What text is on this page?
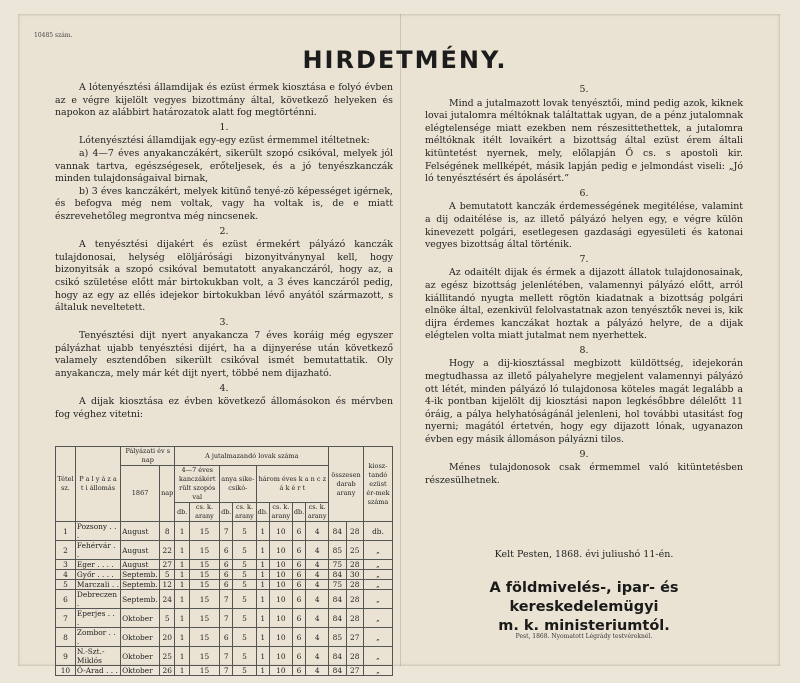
10485 szám.
HIRDETMÉNY.

A lótenyésztési államdijak és ezüst érmek kiosztása e folyó évben az e végre kijelölt vegyes bizottmány által, következő helyeken és napokon az alábbirt határozatok alatt fog megtörténni.

1.

Lótenyésztési államdijak egy-egy ezüst érmemmel itéltetnek:

a) 4—7 éves anyakanczákért, sikerült szopó csikóval, melyek jól vannak tartva, egészségesek, erőteljesek, és a jó tenyészkanczák minden tulajdonságaival birnak,

b) 3 éves kanczákért, melyek kitünő tenyé-zö képességet igérnek, és befogva még nem voltak, vagy ha voltak is, de e miatt észrevehetőleg megrontva még nincsenek.

2.

A tenyésztési dijakért és ezüst érmekért pályázó kanczák tulajdonosai, helység elöljárósági bizonyitványnyal kell, hogy bizonyitsák a szopó csikóval bemutatott anyakanczáról, hogy az, a csikó születése előtt már birtokukban volt, a 3 éves kanczáról pedig, hogy az egy az ellés idejekor birtokukban lévő anyától származott, s általuk neveltetett.

3.

Tenyésztési dijt nyert anyakancza 7 éves koráig még egyszer pályázhat ujabb tenyésztési dijért, ha a dijnyerése után következő valamely esztendőben sikerült csikóval ismét bemutattatik. Oly anyakancza, mely már két dijt nyert, többé nem dijazható.

4.

A dijak kiosztása ez évben következő állomásokon és mérvben fog véghez vitetni:

Tétel sz.	P a l y á z a t i állomás	Pályázati év s nap		A jutalmazandó lovak száma								összesen darab arany		kiosz-tandó ezüst ér-mek száma
		1867	nap	4—7 éves kanczákért rült szopós val		anya sike- csikó-		három éves k a n c z á k é r t						
				db.	cs. k. arany	db.	cs. k. arany	db.	cs. k. arany	db.	cs. k. arany			
1	Pozsony . . .	August	8	1	15	7	5	1	10	6	4	84	28	db.
2	Fehérvár . .	August	22	1	15	6	5	1	10	6	4	85	25	„
3	Eger . . . .	August	27	1	15	6	5	1	10	6	4	75	28	„
4	Győr . . . .	Septemb.	5	1	15	6	5	1	10	6	4	84	30	„
5	Marczali . .	Septemb.	12	1	15	6	5	1	10	6	4	75	28	„
6	Debreczen .	Septemb.	24	1	15	7	5	1	10	6	4	84	28	„
7	Eperjes . . .	Oktober	5	1	15	7	5	1	10	6	4	84	28	„
8	Zombor . . .	Oktober	20	1	15	6	5	1	10	6	4	85	27	„
9	N.-Szt.-Miklós	Oktober	25	1	15	7	5	1	10	6	4	84	28	„
10	Ó-Arad . . .	Oktober	26	1	15	7	5	1	10	6	4	84	27	„
5.

Mind a jutalmazott lovak tenyésztői, mind pedig azok, kiknek lovai jutalomra méltóknak találtattak ugyan, de a pénz jutalomnak elégtelensége miatt ezekben nem részesittethettek, a jutalomra méltóknak itélt lovaikért a bizottság által ezüst érem általi kitüntetést nyernek, mely, előlapján Ő cs. s apostoli kir. Felségének mellképét, másik lapján pedig e jelmondást viseli: „Jó ló tenyésztésért és ápolásért.”

6.

A bemutatott kanczák érdemességének megitélése, valamint a dij odaitélése is, az illető pályázó helyen egy, e végre külön kinevezett polgári, esetlegesen gazdasági egyesületi és katonai vegyes bizottság által történik.

7.

Az odaitélt dijak és érmek a dijazott állatok tulajdonosainak, az egész bizottság jelenlétében, valamennyi pályázó előtt, arról kiállitandó nyugta mellett rögtön kiadatnak a bizottság polgári elnöke által, ezenkivül felolvastatnak azon tenyésztők nevei is, kik dijra érdemes kanczákat hoztak a pályázó helyre, de a dijak elégtelen volta miatt jutalmat nem nyerhettek.

8.

Hogy a dij-kiosztással megbizott küldöttség, idejekorán megtudhassa az illető pályahelyre megjelent valamennyi pályázó ott létét, minden pályázó ló tulajdonosa köteles magát legalább a 4-ik pontban kijelölt dij kiosztási napon legkésőbbre délelőtt 11 óráig, a pálya helyhatóságánál jelenleni, hol további utasitást fog nyerni; magától értetvén, hogy egy dijazott lónak, ugyanazon évben egy másik állomáson pályázni tilos.

9.

Ménes tulajdonosok csak érmemmel való kitüntetésben részesülhetnek.

Kelt Pesten, 1868. évi juliushó 11-én.
A földmivelés-, ipar- és kereskedelemügyi
m. k. ministeriumtól.
Pest, 1868. Nyomatott Légrády testvéreknél.
